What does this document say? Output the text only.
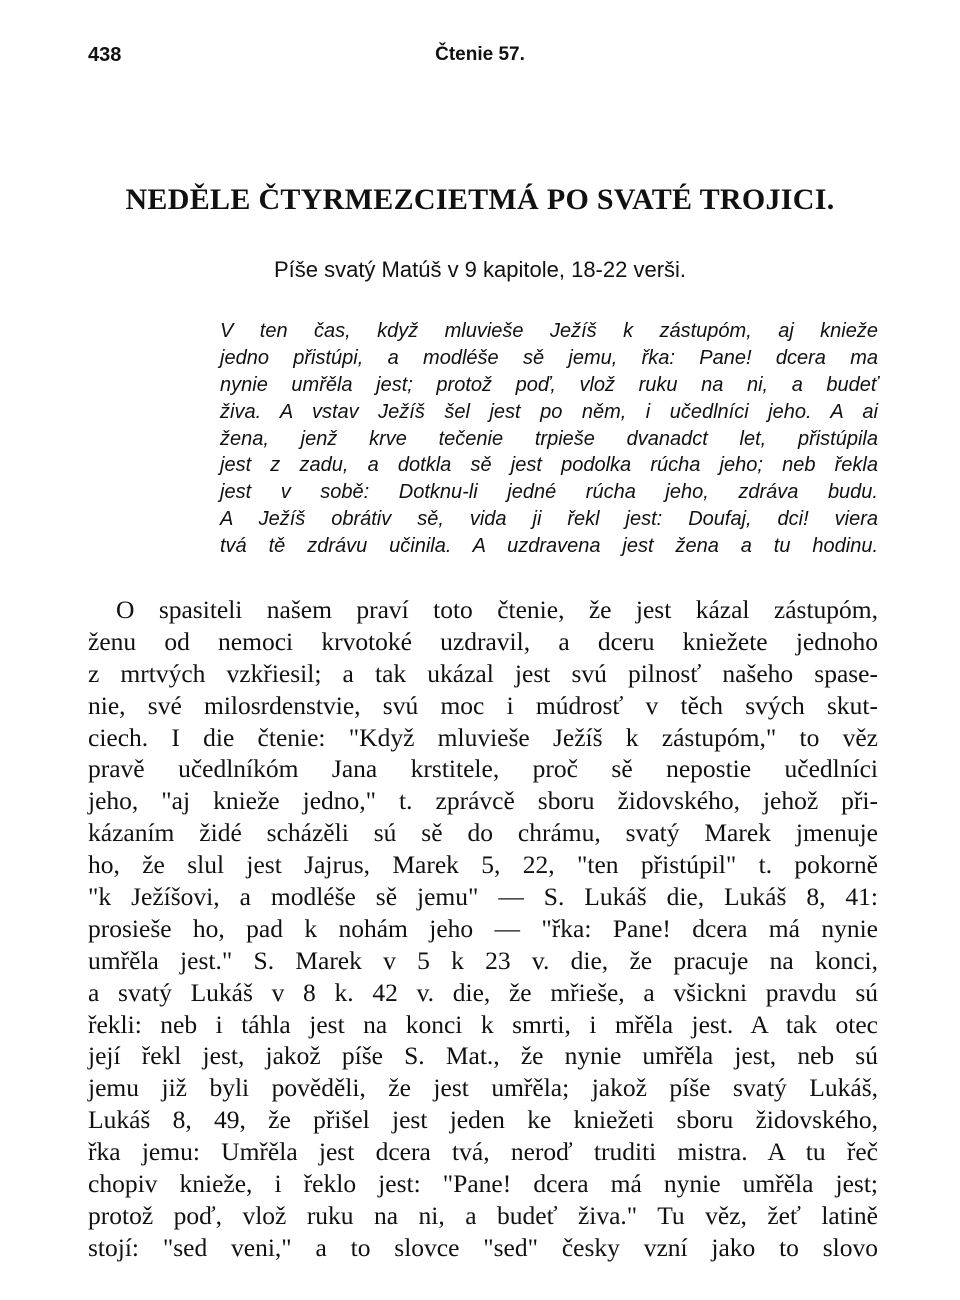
438	Čtenie 57.
NEDĚLE ČTYRMEZCIETMÁ PO SVATÉ TROJICI.
Píše svatý Matúš v 9 kapitole, 18-22 verši.
V ten čas, když mluvieše Ježíš k zástupóm, aj knieže
jedno přistúpi, a modléše sě jemu, řka: Pane! dcera ma
nynie umřěla jest; protož poď, vlož ruku na ni, a budeť
živa. A vstav Ježíš šel jest po něm, i učedlníci jeho. A ai
žena, jenž krve tečenie trpieše dvanadct let, přistúpila
jest z zadu, a dotkla sě jest podolka rúcha jeho; neb řekla
jest v sobě: Dotknu-li jedné rúcha jeho, zdráva budu.
A Ježíš obrátiv sě, vida ji řekl jest: Doufaj, dci! viera
tvá tě zdrávu učinila. A uzdravena jest žena a tu hodinu.
O spasiteli našem praví toto čtenie, že jest kázal zástupóm,
ženu od nemoci krvotoké uzdravil, a dceru kniežete jednoho
z mrtvých vzkřiesil; a tak ukázal jest svú pilnosť našeho spase-
nie, své milosrdenstvie, svú moc i múdrosť v těch svých skut-
ciech. I die čtenie: "Když mluvieše Ježíš k zástupóm," to věz
pravě učedlníkóm Jana krstitele, proč sě nepostie učedlníci
jeho, "aj knieže jedno," t. zprávcě sboru židovského, jehož při-
kázaním židé scházěli sú sě do chrámu, svatý Marek jmenuje
ho, že slul jest Jajrus, Marek 5, 22, "ten přistúpil" t. pokorně
"k Ježíšovi, a modléše sě jemu" — S. Lukáš die, Lukáš 8, 41:
prosieše ho, pad k nohám jeho — "řka: Pane! dcera má nynie
umřěla jest." S. Marek v 5 k 23 v. die, že pracuje na konci,
a svatý Lukáš v 8 k. 42 v. die, že mřieše, a všickni pravdu sú
řekli: neb i táhla jest na konci k smrti, i mřěla jest. A tak otec
její řekl jest, jakož píše S. Mat., že nynie umřěla jest, neb sú
jemu již byli pověděli, že jest umřěla; jakož píše svatý Lukáš,
Lukáš 8, 49, že přišel jest jeden ke kniežeti sboru židovského,
řka jemu: Umřěla jest dcera tvá, neroď truditi mistra. A tu řeč
chopiv knieže, i řeklo jest: "Pane! dcera má nynie umřěla jest;
protož poď, vlož ruku na ni, a budeť živa." Tu věz, žeť latině
stojí: "sed veni," a to slovce "sed" česky vzní jako to slovo
